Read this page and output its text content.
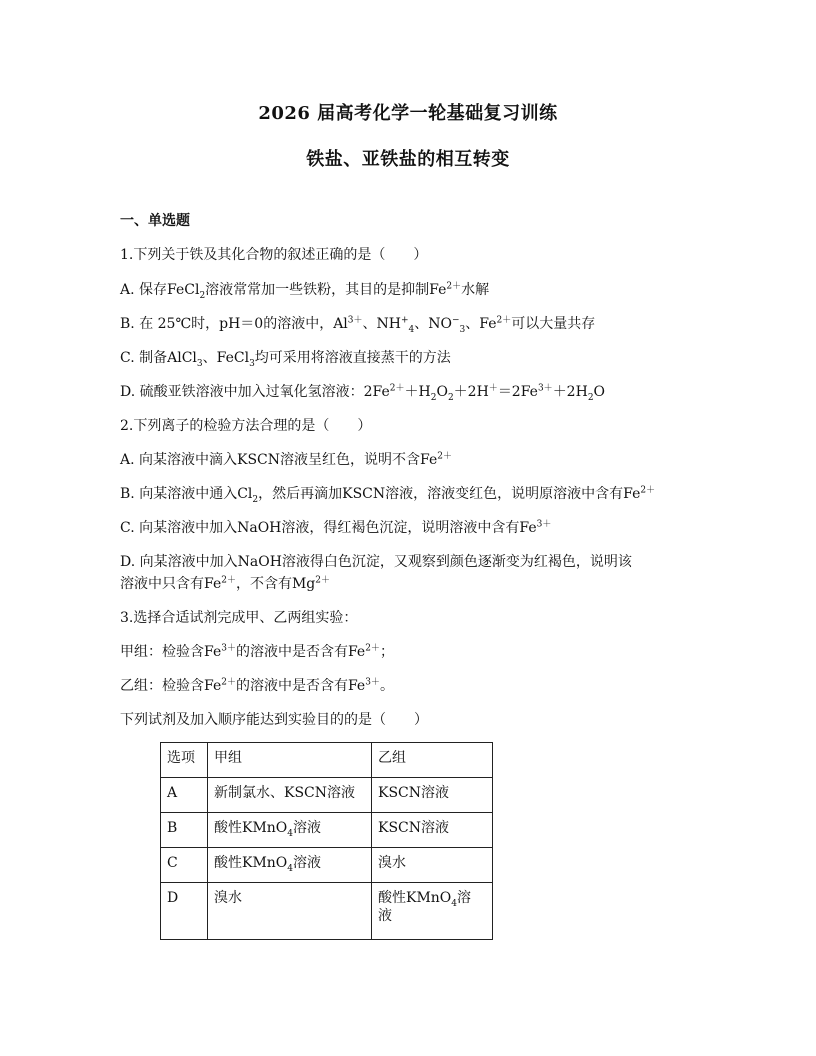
2026 届高考化学一轮基础复习训练
铁盐、亚铁盐的相互转变
一、单选题
1.下列关于铁及其化合物的叙述正确的是（　　）
A. 保存FeCl$_2$溶液常常加一些铁粉，其目的是抑制$Fe^{2+}$水解
B. 在 25℃时，pH＝0的溶液中，$Al^{3+}$、$NH^+_4$、$NO^-_3$、$Fe^{2+}$可以大量共存
C. 制备AlCl$_3$、FeCl$_3$均可采用将溶液直接蒸干的方法
D. 硫酸亚铁溶液中加入过氧化氢溶液：$2Fe^{2+}+H_2O_2+2H^+=2Fe^{3+}+2H_2O$
2.下列离子的检验方法合理的是（　　）
A. 向某溶液中滴入KSCN溶液呈红色，说明不含$Fe^{2+}$
B. 向某溶液中通入$Cl_2$，然后再滴加KSCN溶液，溶液变红色，说明原溶液中含有$Fe^{2+}$
C. 向某溶液中加入NaOH溶液，得红褐色沉淀，说明溶液中含有$Fe^{3+}$
D. 向某溶液中加入NaOH溶液得白色沉淀，又观察到颜色逐渐变为红褐色，说明该
溶液中只含有$Fe^{2+}$，不含有$Mg^{2+}$
3.选择合适试剂完成甲、乙两组实验：
甲组：检验含$Fe^{3+}$的溶液中是否含有$Fe^{2+}$；
乙组：检验含$Fe^{2+}$的溶液中是否含有$Fe^{3+}$。
下列试剂及加入顺序能达到实验目的的是（　　）
选项	甲组	乙组
A	新制氯水、KSCN溶液	KSCN溶液
B	酸性KMnO$_4$溶液	KSCN溶液
C	酸性KMnO$_4$溶液	溴水
D	溴水	酸性KMnO$_4$溶
液
